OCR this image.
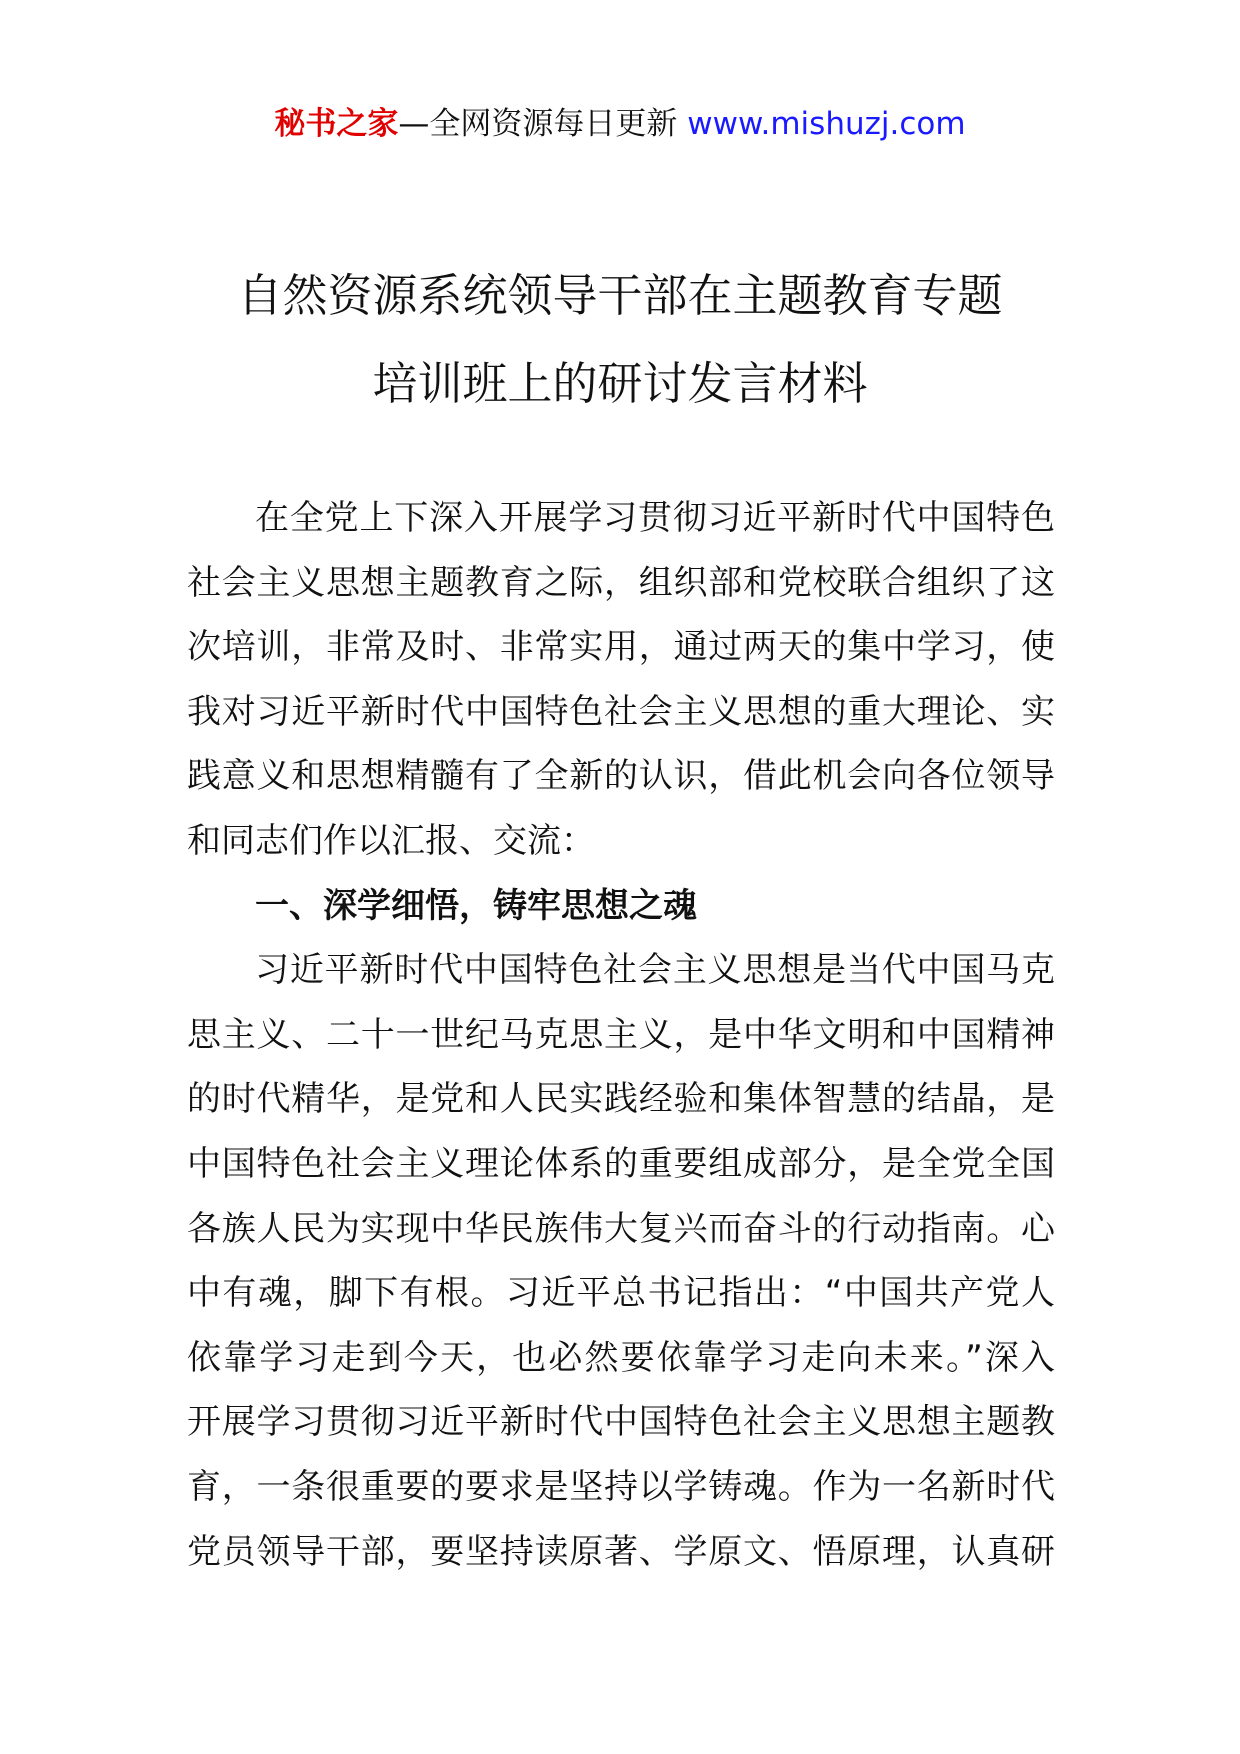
秘书之家—全网资源每日更新 www.mishuzj.com
自然资源系统领导干部在主题教育专题
培训班上的研讨发言材料
在全党上下深入开展学习贯彻习近平新时代中国特色
社会主义思想主题教育之际，组织部和党校联合组织了这
次培训，非常及时、非常实用，通过两天的集中学习，使
我对习近平新时代中国特色社会主义思想的重大理论、实
践意义和思想精髓有了全新的认识，借此机会向各位领导
和同志们作以汇报、交流：
一、深学细悟，铸牢思想之魂
习近平新时代中国特色社会主义思想是当代中国马克
思主义、二十一世纪马克思主义，是中华文明和中国精神
的时代精华，是党和人民实践经验和集体智慧的结晶，是
中国特色社会主义理论体系的重要组成部分，是全党全国
各族人民为实现中华民族伟大复兴而奋斗的行动指南。心
中有魂，脚下有根。习近平总书记指出：“中国共产党人
依靠学习走到今天，也必然要依靠学习走向未来。”深入
开展学习贯彻习近平新时代中国特色社会主义思想主题教
育，一条很重要的要求是坚持以学铸魂。作为一名新时代
党员领导干部，要坚持读原著、学原文、悟原理，认真研
